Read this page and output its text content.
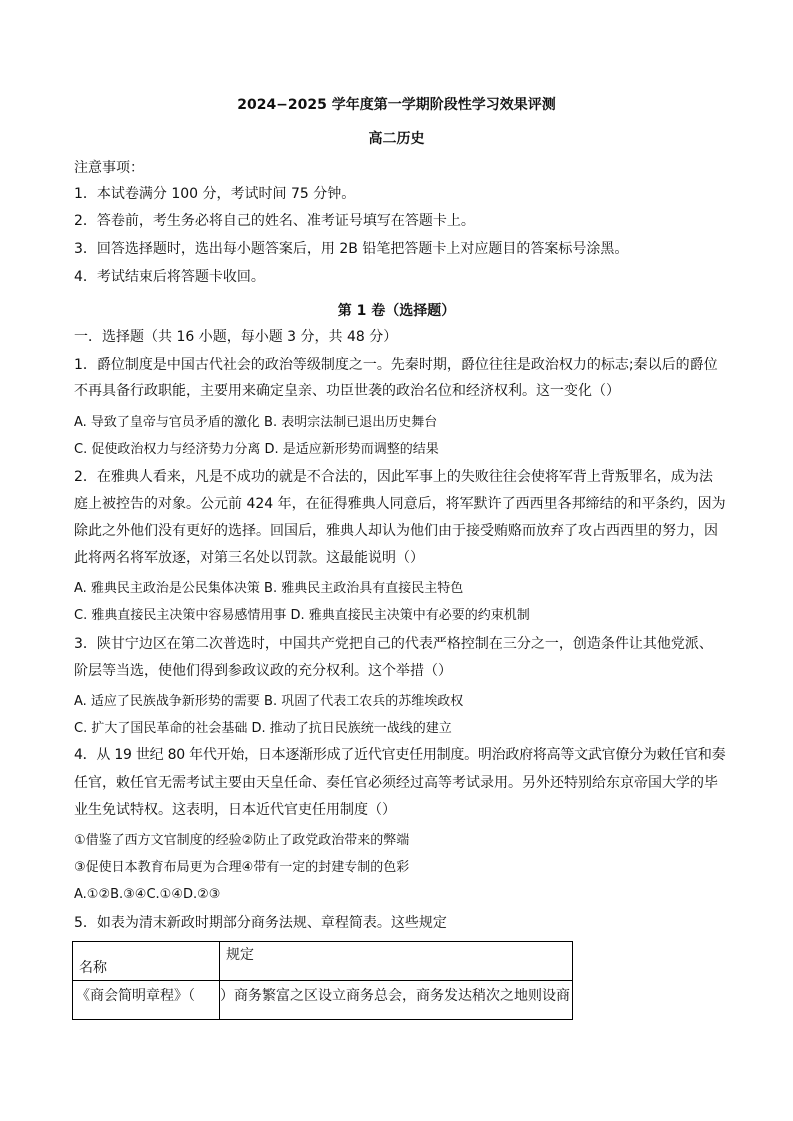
2024−2025 学年度第一学期阶段性学习效果评测
高二历史
注意事项：
1．本试卷满分 100 分，考试时间 75 分钟。
2．答卷前，考生务必将自己的姓名、准考证号填写在答题卡上。
3．回答选择题时，选出每小题答案后，用 2B 铅笔把答题卡上对应题目的答案标号涂黑。
4．考试结束后将答题卡收回。
第 1 卷（选择题）
一．选择题（共 16 小题，每小题 3 分，共 48 分）
1．爵位制度是中国古代社会的政治等级制度之一。先秦时期，爵位往往是政治权力的标志;秦以后的爵位
不再具备行政职能，主要用来确定皇亲、功臣世袭的政治名位和经济权利。这一变化（）
A. 导致了皇帝与官员矛盾的激化 B. 表明宗法制已退出历史舞台
C. 促使政治权力与经济势力分离 D. 是适应新形势而调整的结果
2．在雅典人看来，凡是不成功的就是不合法的，因此军事上的失败往往会使将军背上背叛罪名，成为法
庭上被控告的对象。公元前 424 年，在征得雅典人同意后，将军默许了西西里各邦缔结的和平条约，因为
除此之外他们没有更好的选择。回国后，雅典人却认为他们由于接受贿赂而放弃了攻占西西里的努力，因
此将两名将军放逐，对第三名处以罚款。这最能说明（）
A. 雅典民主政治是公民集体决策 B. 雅典民主政治具有直接民主特色
C. 雅典直接民主决策中容易感情用事 D. 雅典直接民主决策中有必要的约束机制
3．陕甘宁边区在第二次普选时，中国共产党把自己的代表严格控制在三分之一，创造条件让其他党派、
阶层等当选，使他们得到参政议政的充分权利。这个举措（）
A. 适应了民族战争新形势的需要 B. 巩固了代表工农兵的苏维埃政权
C. 扩大了国民革命的社会基础 D. 推动了抗日民族统一战线的建立
4．从 19 世纪 80 年代开始，日本逐渐形成了近代官吏任用制度。明治政府将高等文武官僚分为敕任官和奏
任官，敕任官无需考试主要由天皇任命、奏任官必须经过高等考试录用。另外还特别给东京帝国大学的毕
业生免试特权。这表明，日本近代官吏任用制度（）
①借鉴了西方文官制度的经验②防止了政党政治带来的弊端
③促使日本教育布局更为合理④带有一定的封建专制的色彩
A.①②B.③④C.①④D.②③
5．如表为清末新政时期部分商务法规、章程简表。这些规定
名称	规定
《商会简明章程》（	）商务繁富之区设立商务总会，商务发达稍次之地则设商
